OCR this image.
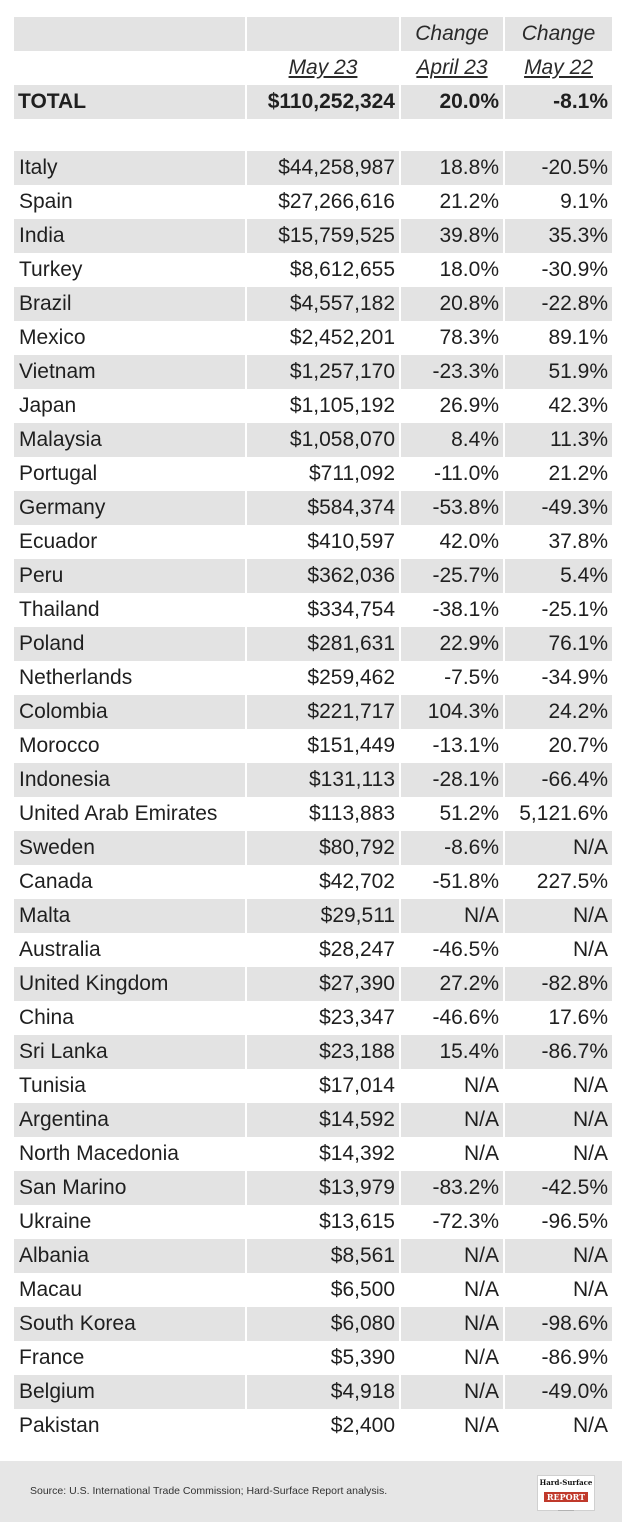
		Change	Change
	May 23	April 23	May 22
TOTAL	$110,252,324	20.0%	-8.1%

Italy	$44,258,987	18.8%	-20.5%
Spain	$27,266,616	21.2%	9.1%
India	$15,759,525	39.8%	35.3%
Turkey	$8,612,655	18.0%	-30.9%
Brazil	$4,557,182	20.8%	-22.8%
Mexico	$2,452,201	78.3%	89.1%
Vietnam	$1,257,170	-23.3%	51.9%
Japan	$1,105,192	26.9%	42.3%
Malaysia	$1,058,070	8.4%	11.3%
Portugal	$711,092	-11.0%	21.2%
Germany	$584,374	-53.8%	-49.3%
Ecuador	$410,597	42.0%	37.8%
Peru	$362,036	-25.7%	5.4%
Thailand	$334,754	-38.1%	-25.1%
Poland	$281,631	22.9%	76.1%
Netherlands	$259,462	-7.5%	-34.9%
Colombia	$221,717	104.3%	24.2%
Morocco	$151,449	-13.1%	20.7%
Indonesia	$131,113	-28.1%	-66.4%
United Arab Emirates	$113,883	51.2%	5,121.6%
Sweden	$80,792	-8.6%	N/A
Canada	$42,702	-51.8%	227.5%
Malta	$29,511	N/A	N/A
Australia	$28,247	-46.5%	N/A
United Kingdom	$27,390	27.2%	-82.8%
China	$23,347	-46.6%	17.6%
Sri Lanka	$23,188	15.4%	-86.7%
Tunisia	$17,014	N/A	N/A
Argentina	$14,592	N/A	N/A
North Macedonia	$14,392	N/A	N/A
San Marino	$13,979	-83.2%	-42.5%
Ukraine	$13,615	-72.3%	-96.5%
Albania	$8,561	N/A	N/A
Macau	$6,500	N/A	N/A
South Korea	$6,080	N/A	-98.6%
France	$5,390	N/A	-86.9%
Belgium	$4,918	N/A	-49.0%
Pakistan	$2,400	N/A	N/A
Source: U.S. International Trade Commission; Hard-Surface Report analysis.
Hard-Surface
REPORT
――――
